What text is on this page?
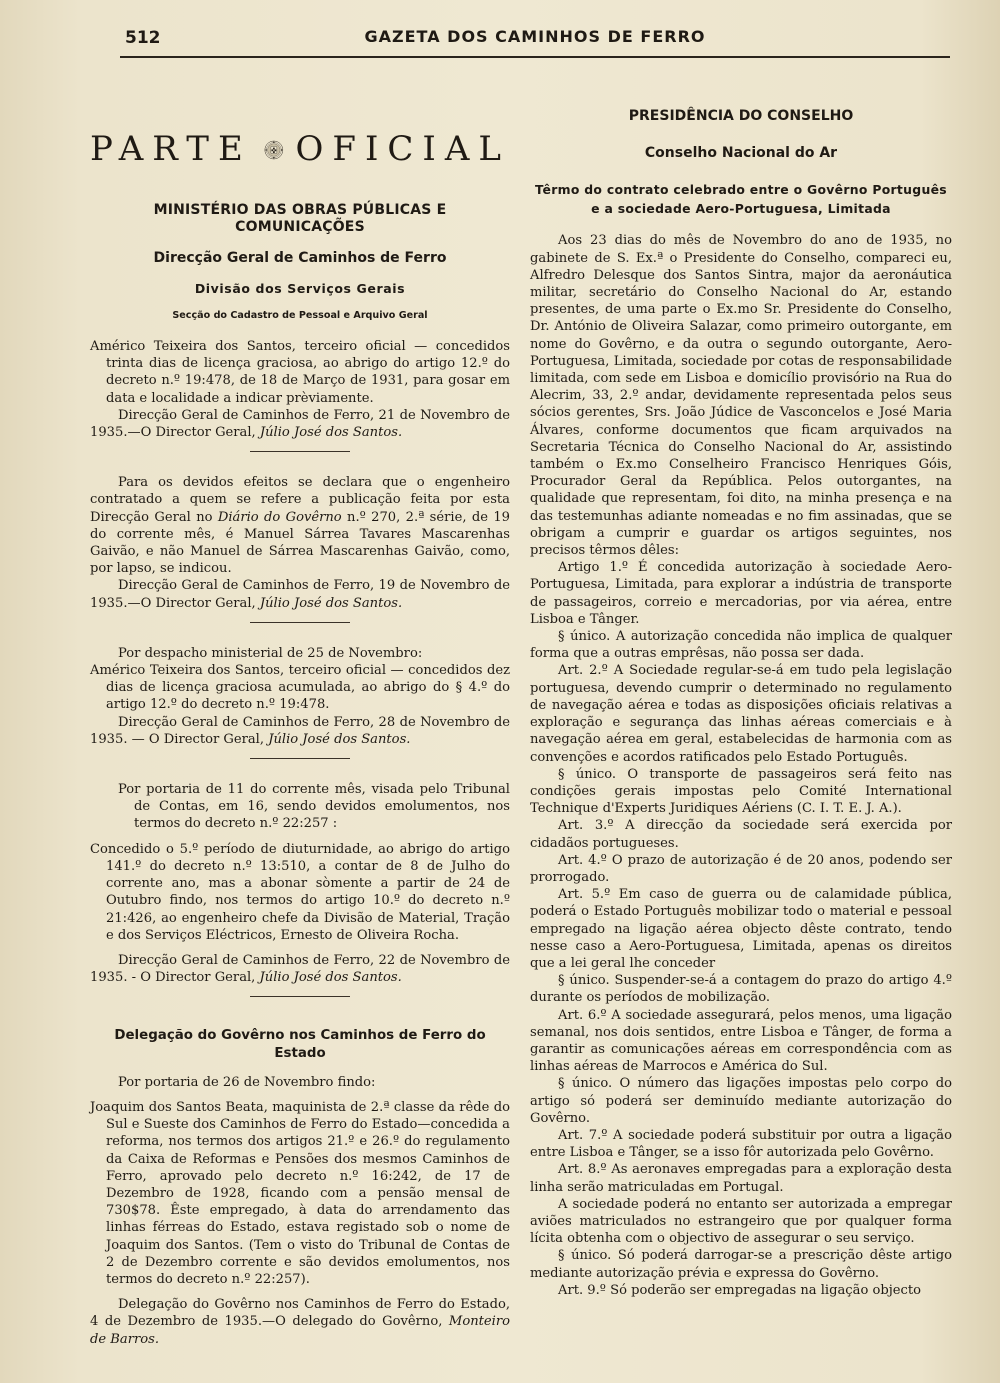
512	GAZETA DOS CAMINHOS DE FERRO
PARTE OFICIAL

MINISTÉRIO DAS OBRAS PÚBLICAS E COMUNICAÇÕES

Direcção Geral de Caminhos de Ferro

Divisão dos Serviços Gerais

Secção do Cadastro de Pessoal e Arquivo Geral

Américo Teixeira dos Santos, terceiro oficial — concedidos trinta dias de licença graciosa, ao abrigo do artigo 12.º do decreto n.º 19:478, de 18 de Março de 1931, para gosar em data e localidade a indicar prèviamente.

Direcção Geral de Caminhos de Ferro, 21 de Novembro de 1935.—O Director Geral, Júlio José dos Santos.

Para os devidos efeitos se declara que o engenheiro contratado a quem se refere a publicação feita por esta Direcção Geral no Diário do Govêrno n.º 270, 2.ª série, de 19 do corrente mês, é Manuel Sárrea Tavares Mascarenhas Gaivão, e não Manuel de Sárrea Mascarenhas Gaivão, como, por lapso, se indicou.

Direcção Geral de Caminhos de Ferro, 19 de Novembro de 1935.—O Director Geral, Júlio José dos Santos.

Por despacho ministerial de 25 de Novembro:

Américo Teixeira dos Santos, terceiro oficial — concedidos dez dias de licença graciosa acumulada, ao abrigo do § 4.º do artigo 12.º do decreto n.º 19:478.

Direcção Geral de Caminhos de Ferro, 28 de Novembro de 1935. — O Director Geral, Júlio José dos Santos.

Por portaria de 11 do corrente mês, visada pelo Tribunal de Contas, em 16, sendo devidos emolumentos, nos termos do decreto n.º 22:257 :

Concedido o 5.º período de diuturnidade, ao abrigo do artigo 141.º do decreto n.º 13:510, a contar de 8 de Julho do corrente ano, mas a abonar sòmente a partir de 24 de Outubro findo, nos termos do artigo 10.º do decreto n.º 21:426, ao engenheiro chefe da Divisão de Material, Tração e dos Serviços Eléctricos, Ernesto de Oliveira Rocha.

Direcção Geral de Caminhos de Ferro, 22 de Novembro de 1935. - O Director Geral, Júlio José dos Santos.

Delegação do Govêrno nos Caminhos de Ferro do Estado

Por portaria de 26 de Novembro findo:

Joaquim dos Santos Beata, maquinista de 2.ª classe da rêde do Sul e Sueste dos Caminhos de Ferro do Estado—concedida a reforma, nos termos dos artigos 21.º e 26.º do regulamento da Caixa de Reformas e Pensões dos mesmos Caminhos de Ferro, aprovado pelo decreto n.º 16:242, de 17 de Dezembro de 1928, ficando com a pensão mensal de 730$78. Êste empregado, à data do arrendamento das linhas férreas do Estado, estava registado sob o nome de Joaquim dos Santos. (Tem o visto do Tribunal de Contas de 2 de Dezembro corrente e são devidos emolumentos, nos termos do decreto n.º 22:257).

Delegação do Govêrno nos Caminhos de Ferro do Estado, 4 de Dezembro de 1935.—O delegado do Govêrno, Monteiro de Barros.

PRESIDÊNCIA DO CONSELHO

Conselho Nacional do Ar

Têrmo do contrato celebrado entre o Govêrno Português e a sociedade Aero-Portuguesa, Limitada

Aos 23 dias do mês de Novembro do ano de 1935, no gabinete de S. Ex.ª o Presidente do Conselho, compareci eu, Alfredro Delesque dos Santos Sintra, major da aeronáutica militar, secretário do Conselho Nacional do Ar, estando presentes, de uma parte o Ex.mo Sr. Presidente do Conselho, Dr. António de Oliveira Salazar, como primeiro outorgante, em nome do Govêrno, e da outra o segundo outorgante, Aero-Portuguesa, Limitada, sociedade por cotas de responsabilidade limitada, com sede em Lisboa e domicílio provisório na Rua do Alecrim, 33, 2.º andar, devidamente representada pelos seus sócios gerentes, Srs. João Júdice de Vasconcelos e José Maria Álvares, conforme documentos que ficam arquivados na Secretaria Técnica do Conselho Nacional do Ar, assistindo também o Ex.mo Conselheiro Francisco Henriques Góis, Procurador Geral da República. Pelos outorgantes, na qualidade que representam, foi dito, na minha presença e na das testemunhas adiante nomeadas e no fim assinadas, que se obrigam a cumprir e guardar os artigos seguintes, nos precisos têrmos dêles:

Artigo 1.º É concedida autorização à sociedade Aero-Portuguesa, Limitada, para explorar a indústria de transporte de passageiros, correio e mercadorias, por via aérea, entre Lisboa e Tânger.

§ único. A autorização concedida não implica de qualquer forma que a outras emprêsas, não possa ser dada.

Art. 2.º A Sociedade regular-se-á em tudo pela legislação portuguesa, devendo cumprir o determinado no regulamento de navegação aérea e todas as disposições oficiais relativas a exploração e segurança das linhas aéreas comerciais e à navegação aérea em geral, estabelecidas de harmonia com as convenções e acordos ratificados pelo Estado Português.

§ único. O transporte de passageiros será feito nas condições gerais impostas pelo Comité International Technique d'Experts Juridiques Aériens (C. I. T. E. J. A.).

Art. 3.º A direcção da sociedade será exercida por cidadãos portugueses.

Art. 4.º O prazo de autorização é de 20 anos, podendo ser prorrogado.

Art. 5.º Em caso de guerra ou de calamidade pública, poderá o Estado Português mobilizar todo o material e pessoal empregado na ligação aérea objecto dêste contrato, tendo nesse caso a Aero-Portuguesa, Limitada, apenas os direitos que a lei geral lhe conceder

§ único. Suspender-se-á a contagem do prazo do artigo 4.º durante os períodos de mobilização.

Art. 6.º A sociedade assegurará, pelos menos, uma ligação semanal, nos dois sentidos, entre Lisboa e Tânger, de forma a garantir as comunicações aéreas em correspondência com as linhas aéreas de Marrocos e América do Sul.

§ único. O número das ligações impostas pelo corpo do artigo só poderá ser deminuído mediante autorização do Govêrno.

Art. 7.º A sociedade poderá substituir por outra a ligação entre Lisboa e Tânger, se a isso fôr autorizada pelo Govêrno.

Art. 8.º As aeronaves empregadas para a exploração desta linha serão matriculadas em Portugal.

A sociedade poderá no entanto ser autorizada a empregar aviões matriculados no estrangeiro que por qualquer forma lícita obtenha com o objectivo de assegurar o seu serviço.

§ único. Só poderá darrogar-se a prescrição dêste artigo mediante autorização prévia e expressa do Govêrno.

Art. 9.º Só poderão ser empregadas na ligação objecto
